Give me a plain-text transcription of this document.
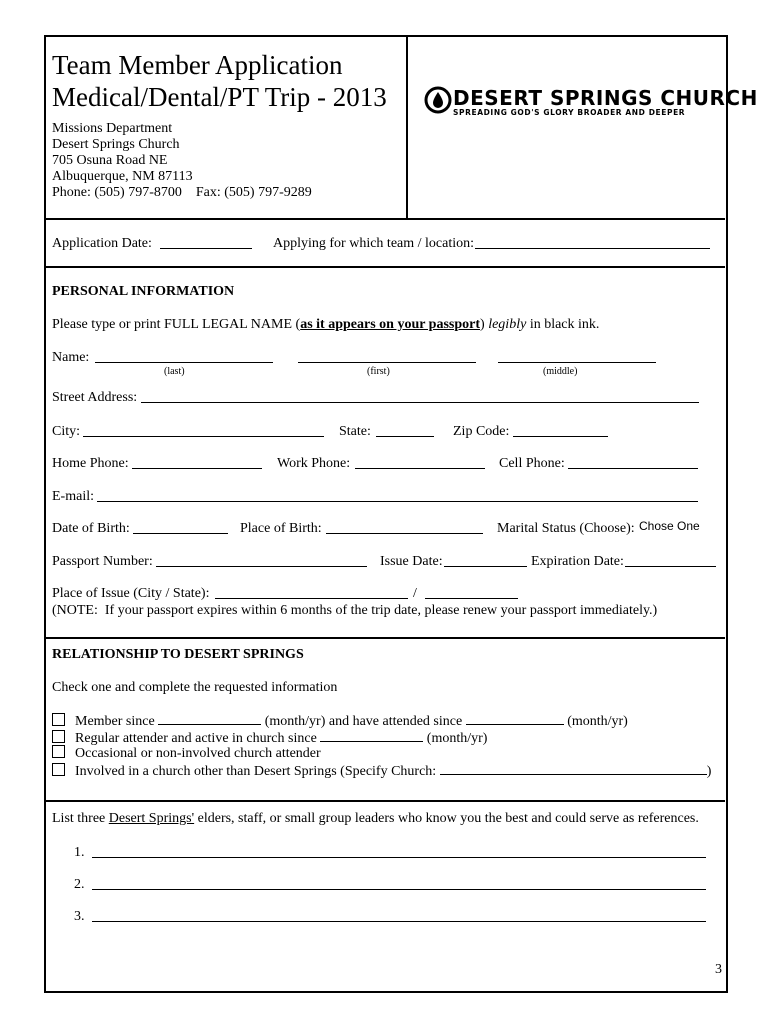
Team Member Application
Medical/Dental/PT Trip - 2013
Missions Department
Desert Springs Church
705 Osuna Road NE
Albuquerque, NM 87113
Phone: (505) 797-8700    Fax: (505) 797-9289
DESERT SPRINGS CHURCH
SPREADING GOD'S GLORY BROADER AND DEEPER
Application Date:	Applying for which team / location:
PERSONAL INFORMATION
Please type or print FULL LEGAL NAME (as it appears on your passport) legibly in black ink.
Name:
(last)	(first)	(middle)
Street Address:
City:	State:	Zip Code:
Home Phone:	Work Phone:	Cell Phone:
E-mail:
Date of Birth:	Place of Birth:	Marital Status (Choose): Chose One
Passport Number:	Issue Date:	Expiration Date:
Place of Issue (City / State):	/
(NOTE:  If your passport expires within 6 months of the trip date, please renew your passport immediately.)
RELATIONSHIP TO DESERT SPRINGS
Check one and complete the requested information
Member since	(month/yr) and have attended since	(month/yr)
Regular attender and active in church since	(month/yr)
Occasional or non-involved church attender
Involved in a church other than Desert Springs (Specify Church:	)
List three Desert Springs' elders, staff, or small group leaders who know you the best and could serve as references.
1.
2.
3.
3
